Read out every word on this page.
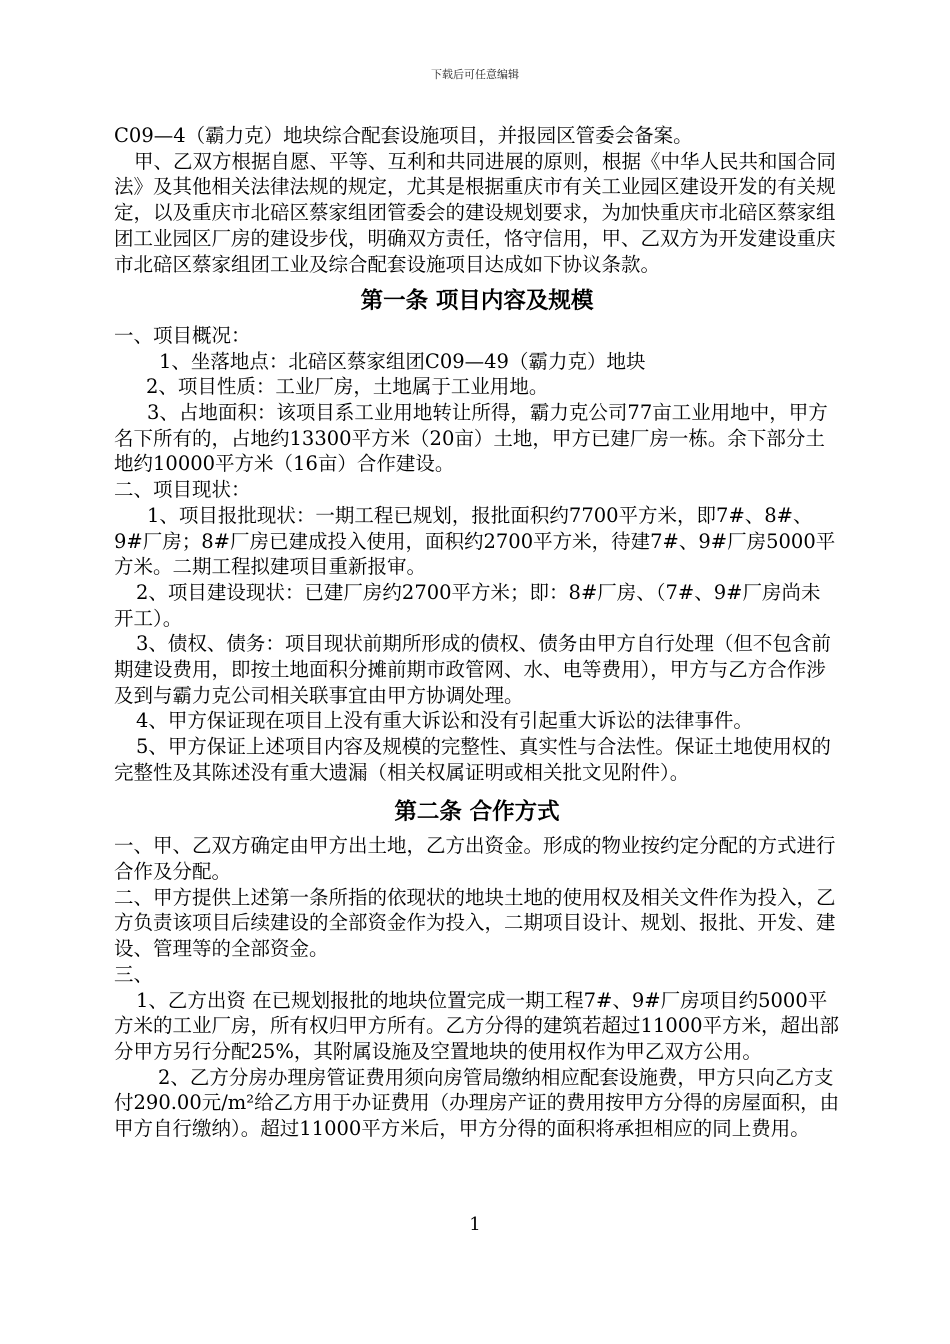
下载后可任意编辑

C09—4（霸力克）地块综合配套设施项目，并报园区管委会备案。

甲、乙双方根据自愿、平等、互利和共同进展的原则，根据《中华人民共和国合同法》及其他相关法律法规的规定，尤其是根据重庆市有关工业园区建设开发的有关规定，以及重庆市北碚区蔡家组团管委会的建设规划要求，为加快重庆市北碚区蔡家组团工业园区厂房的建设步伐，明确双方责任，恪守信用，甲、乙双方为开发建设重庆市北碚区蔡家组团工业及综合配套设施项目达成如下协议条款。

第一条 项目内容及规模

一、项目概况：

1、坐落地点：北碚区蔡家组团C09—49（霸力克）地块

2、项目性质：工业厂房，土地属于工业用地。

3、占地面积：该项目系工业用地转让所得，霸力克公司77亩工业用地中，甲方名下所有的，占地约13300平方米（20亩）土地，甲方已建厂房一栋。余下部分土地约10000平方米（16亩）合作建设。

二、项目现状：

1、项目报批现状：一期工程已规划，报批面积约7700平方米，即7#、8#、9#厂房；8#厂房已建成投入使用，面积约2700平方米，待建7#、9#厂房5000平方米。二期工程拟建项目重新报审。

2、项目建设现状：已建厂房约2700平方米；即：8#厂房、（7#、9#厂房尚未开工）。

3、债权、债务：项目现状前期所形成的债权、债务由甲方自行处理（但不包含前期建设费用，即按土地面积分摊前期市政管网、水、电等费用），甲方与乙方合作涉及到与霸力克公司相关联事宜由甲方协调处理。

4、甲方保证现在项目上没有重大诉讼和没有引起重大诉讼的法律事件。

5、甲方保证上述项目内容及规模的完整性、真实性与合法性。保证土地使用权的完整性及其陈述没有重大遗漏（相关权属证明或相关批文见附件）。

第二条 合作方式

一、甲、乙双方确定由甲方出土地，乙方出资金。形成的物业按约定分配的方式进行合作及分配。

二、甲方提供上述第一条所指的依现状的地块土地的使用权及相关文件作为投入，乙方负责该项目后续建设的全部资金作为投入，二期项目设计、规划、报批、开发、建设、管理等的全部资金。

三、

1、乙方出资 在已规划报批的地块位置完成一期工程7#、9#厂房项目约5000平方米的工业厂房，所有权归甲方所有。乙方分得的建筑若超过11000平方米，超出部分甲方另行分配25%，其附属设施及空置地块的使用权作为甲乙双方公用。

2、乙方分房办理房管证费用须向房管局缴纳相应配套设施费，甲方只向乙方支付290.00元/m²给乙方用于办证费用（办理房产证的费用按甲方分得的房屋面积，由甲方自行缴纳）。超过11000平方米后，甲方分得的面积将承担相应的同上费用。

1
